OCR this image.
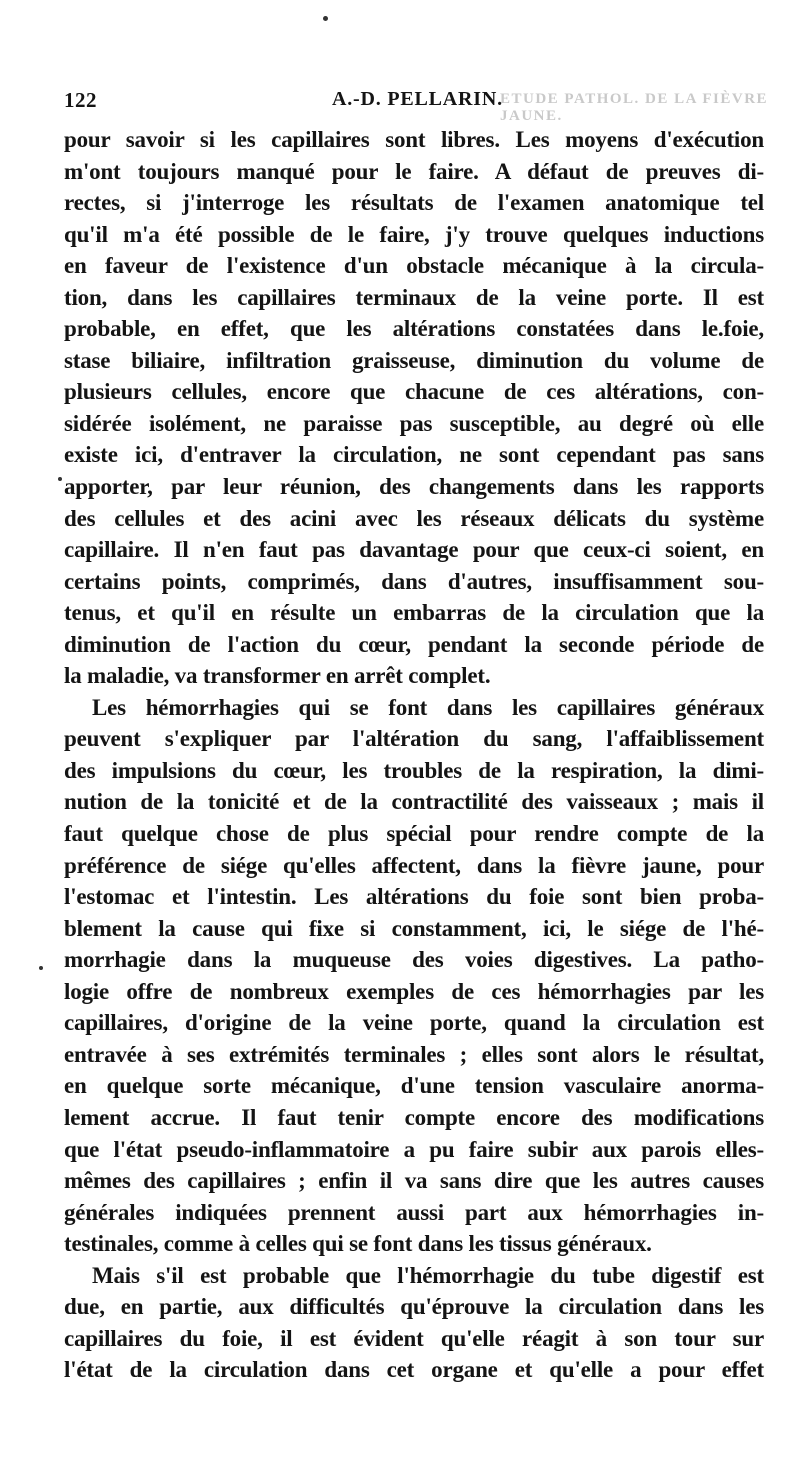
ETUDE PATHOL. DE LA FIÈVRE JAUNE.
122	A.-D. PELLARIN.
pour savoir si les capillaires sont libres. Les moyens d'exécution
m'ont toujours manqué pour le faire. A défaut de preuves di-
rectes, si j'interroge les résultats de l'examen anatomique tel
qu'il m'a été possible de le faire, j'y trouve quelques inductions
en faveur de l'existence d'un obstacle mécanique à la circula-
tion, dans les capillaires terminaux de la veine porte. Il est
probable, en effet, que les altérations constatées dans le.foie,
stase biliaire, infiltration graisseuse, diminution du volume de
plusieurs cellules, encore que chacune de ces altérations, con-
sidérée isolément, ne paraisse pas susceptible, au degré où elle
existe ici, d'entraver la circulation, ne sont cependant pas sans
apporter, par leur réunion, des changements dans les rapports
des cellules et des acini avec les réseaux délicats du système
capillaire. Il n'en faut pas davantage pour que ceux-ci soient, en
certains points, comprimés, dans d'autres, insuffisamment sou-
tenus, et qu'il en résulte un embarras de la circulation que la
diminution de l'action du cœur, pendant la seconde période de
la maladie, va transformer en arrêt complet.
Les hémorrhagies qui se font dans les capillaires généraux
peuvent s'expliquer par l'altération du sang, l'affaiblissement
des impulsions du cœur, les troubles de la respiration, la dimi-
nution de la tonicité et de la contractilité des vaisseaux ; mais il
faut quelque chose de plus spécial pour rendre compte de la
préférence de siége qu'elles affectent, dans la fièvre jaune, pour
l'estomac et l'intestin. Les altérations du foie sont bien proba-
blement la cause qui fixe si constamment, ici, le siége de l'hé-
morrhagie dans la muqueuse des voies digestives. La patho-
logie offre de nombreux exemples de ces hémorrhagies par les
capillaires, d'origine de la veine porte, quand la circulation est
entravée à ses extrémités terminales ; elles sont alors le résultat,
en quelque sorte mécanique, d'une tension vasculaire anorma-
lement accrue. Il faut tenir compte encore des modifications
que l'état pseudo-inflammatoire a pu faire subir aux parois elles-
mêmes des capillaires ; enfin il va sans dire que les autres causes
générales indiquées prennent aussi part aux hémorrhagies in-
testinales, comme à celles qui se font dans les tissus généraux.
Mais s'il est probable que l'hémorrhagie du tube digestif est
due, en partie, aux difficultés qu'éprouve la circulation dans les
capillaires du foie, il est évident qu'elle réagit à son tour sur
l'état de la circulation dans cet organe et qu'elle a pour effet
